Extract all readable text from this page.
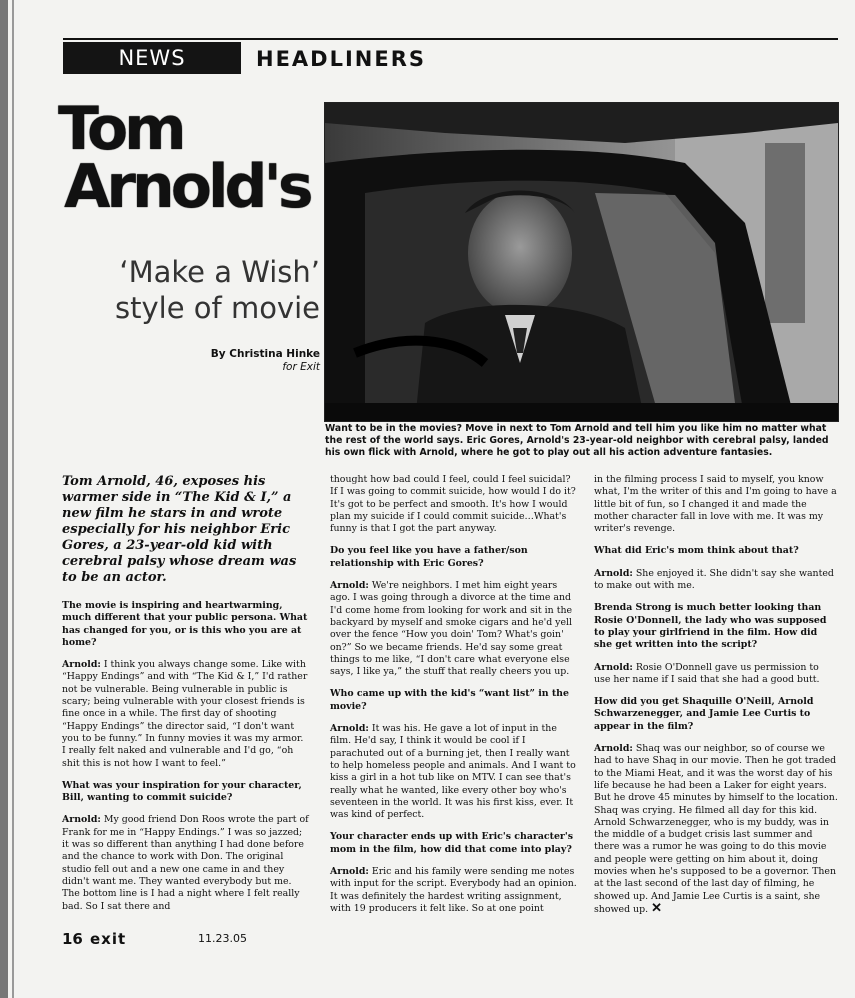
NEWS	HEADLINERS
Tom
Arnold's
‘Make a Wish’
style of movie
By Christina Hinke
for Exit
Want to be in the movies? Move in next to Tom Arnold and tell him you like him no matter what the rest of the world says. Eric Gores, Arnold's 23-year-old neighbor with cerebral palsy, landed his own flick with Arnold, where he got to play out all his action adventure fantasies.

Tom Arnold, 46, exposes his warmer side in “The Kid & I,” a new film he stars in and wrote especially for his neighbor Eric Gores, a 23-year-old kid with cerebral palsy whose dream was to be an actor.

The movie is inspiring and heartwarming, much different that your public persona. What has changed for you, or is this who you are at home?

Arnold: I think you always change some. Like with “Happy Endings” and with “The Kid & I,” I'd rather not be vulnerable. Being vulnerable in public is scary; being vulnerable with your closest friends is fine once in a while. The first day of shooting “Happy Endings” the director said, “I don't want you to be funny.” In funny movies it was my armor. I really felt naked and vulnerable and I'd go, “oh shit this is not how I want to feel.”

What was your inspiration for your character, Bill, wanting to commit suicide?

Arnold: My good friend Don Roos wrote the part of Frank for me in “Happy Endings.” I was so jazzed; it was so different than anything I had done before and the chance to work with Don. The original studio fell out and a new one came in and they didn't want me. They wanted everybody but me. The bottom line is I had a night where I felt really bad. So I sat there and

thought how bad could I feel, could I feel suicidal? If I was going to commit suicide, how would I do it? It's got to be perfect and smooth. It's how I would plan my suicide if I could commit suicide…What's funny is that I got the part anyway.

Do you feel like you have a father/son relationship with Eric Gores?

Arnold: We're neighbors. I met him eight years ago. I was going through a divorce at the time and I'd come home from looking for work and sit in the backyard by myself and smoke cigars and he'd yell over the fence “How you doin' Tom? What's goin' on?” So we became friends. He'd say some great things to me like, “I don't care what everyone else says, I like ya,” the stuff that really cheers you up.

Who came up with the kid's “want list” in the movie?

Arnold: It was his. He gave a lot of input in the film. He'd say, I think it would be cool if I parachuted out of a burning jet, then I really want to help homeless people and animals. And I want to kiss a girl in a hot tub like on MTV. I can see that's really what he wanted, like every other boy who's seventeen in the world. It was his first kiss, ever. It was kind of perfect.

Your character ends up with Eric's character's mom in the film, how did that come into play?

Arnold: Eric and his family were sending me notes with input for the script. Everybody had an opinion. It was definitely the hardest writing assignment, with 19 producers it felt like. So at one point

in the filming process I said to myself, you know what, I'm the writer of this and I'm going to have a little bit of fun, so I changed it and made the mother character fall in love with me. It was my writer's revenge.

What did Eric's mom think about that?

Arnold: She enjoyed it. She didn't say she wanted to make out with me.

Brenda Strong is much better looking than Rosie O'Donnell, the lady who was supposed to play your girlfriend in the film. How did she get written into the script?

Arnold: Rosie O'Donnell gave us permission to use her name if I said that she had a good butt.

How did you get Shaquille O'Neill, Arnold Schwarzenegger, and Jamie Lee Curtis to appear in the film?

Arnold: Shaq was our neighbor, so of course we had to have Shaq in our movie. Then he got traded to the Miami Heat, and it was the worst day of his life because he had been a Laker for eight years. But he drove 45 minutes by himself to the location. Shaq was crying. He filmed all day for this kid. Arnold Schwarzenegger, who is my buddy, was in the middle of a budget crisis last summer and there was a rumor he was going to do this movie and people were getting on him about it, doing movies when he's supposed to be a governor. Then at the last second of the last day of filming, he showed up. And Jamie Lee Curtis is a saint, she showed up. ✕

16 exit	11.23.05
